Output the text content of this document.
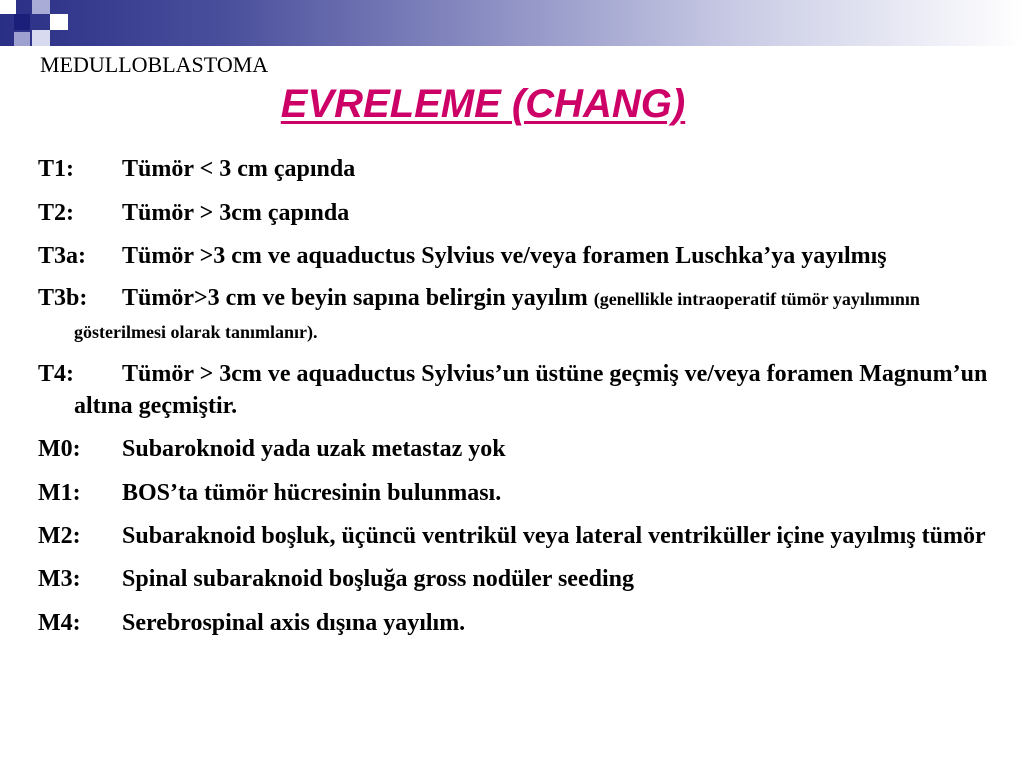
MEDULLOBLASTOMA
EVRELEME (CHANG)
T1: Tümör < 3 cm çapında
T2: Tümör > 3cm çapında
T3a: Tümör >3 cm ve aquaductus Sylvius ve/veya foramen Luschka’ya yayılmış
T3b: Tümör>3 cm ve beyin sapına belirgin yayılım (genellikle intraoperatif tümör yayılımının gösterilmesi olarak tanımlanır).
T4: Tümör > 3cm ve aquaductus Sylvius’un üstüne geçmiş ve/veya foramen Magnum’un altına geçmiştir.
M0: Subaroknoid yada uzak metastaz yok
M1: BOS’ta tümör hücresinin bulunması.
M2: Subaraknoid boşluk, üçüncü ventrikül veya lateral ventriküller içine yayılmış tümör
M3: Spinal subaraknoid boşluğa gross nodüler seeding
M4: Serebrospinal axis dışına yayılım.
